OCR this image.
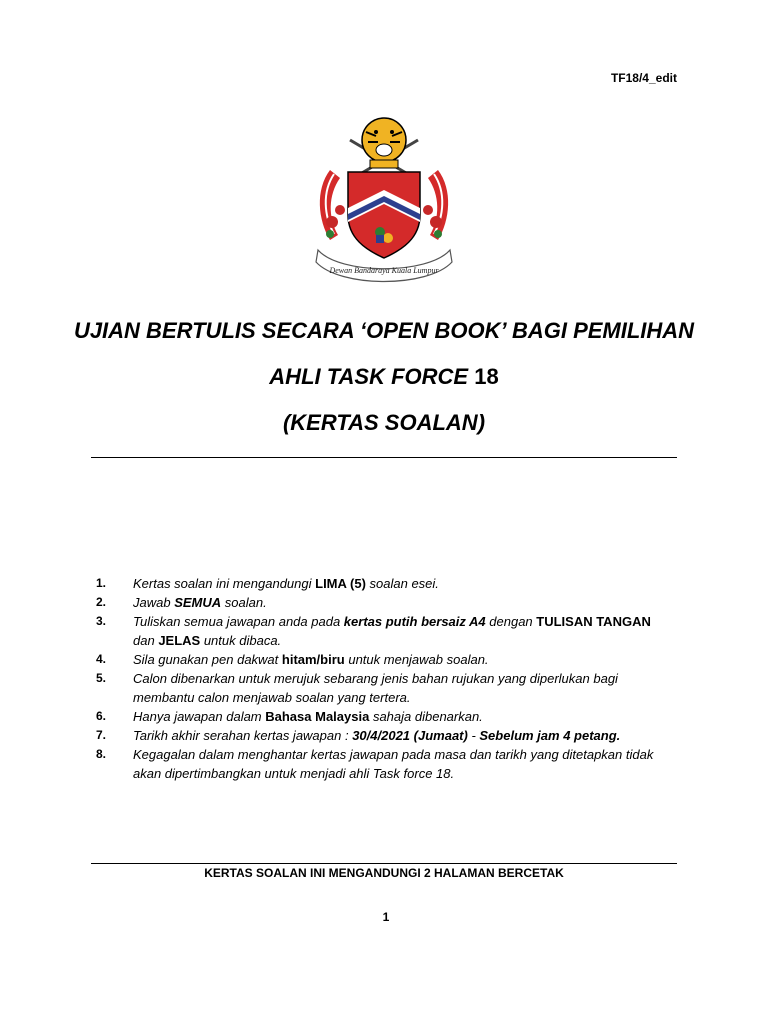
TF18/4_edit
Dewan Bandaraya Kuala Lumpur
UJIAN BERTULIS SECARA ‘OPEN BOOK’ BAGI PEMILIHAN
AHLI TASK FORCE 18
(KERTAS SOALAN)
1.	Kertas soalan ini mengandungi LIMA (5) soalan esei.
2.	Jawab SEMUA soalan.
3.	Tuliskan semua jawapan anda pada kertas putih bersaiz A4 dengan TULISAN TANGAN dan JELAS untuk dibaca.
4.	Sila gunakan pen dakwat hitam/biru untuk menjawab soalan.
5.	Calon dibenarkan untuk merujuk sebarang jenis bahan rujukan yang diperlukan bagi membantu calon menjawab soalan yang tertera.
6.	Hanya jawapan dalam Bahasa Malaysia sahaja dibenarkan.
7.	Tarikh akhir serahan kertas jawapan : 30/4/2021 (Jumaat) - Sebelum jam 4 petang.
8.	Kegagalan dalam menghantar kertas jawapan pada masa dan tarikh yang ditetapkan tidak akan dipertimbangkan untuk menjadi ahli Task force 18.
KERTAS SOALAN INI MENGANDUNGI 2 HALAMAN BERCETAK
1
